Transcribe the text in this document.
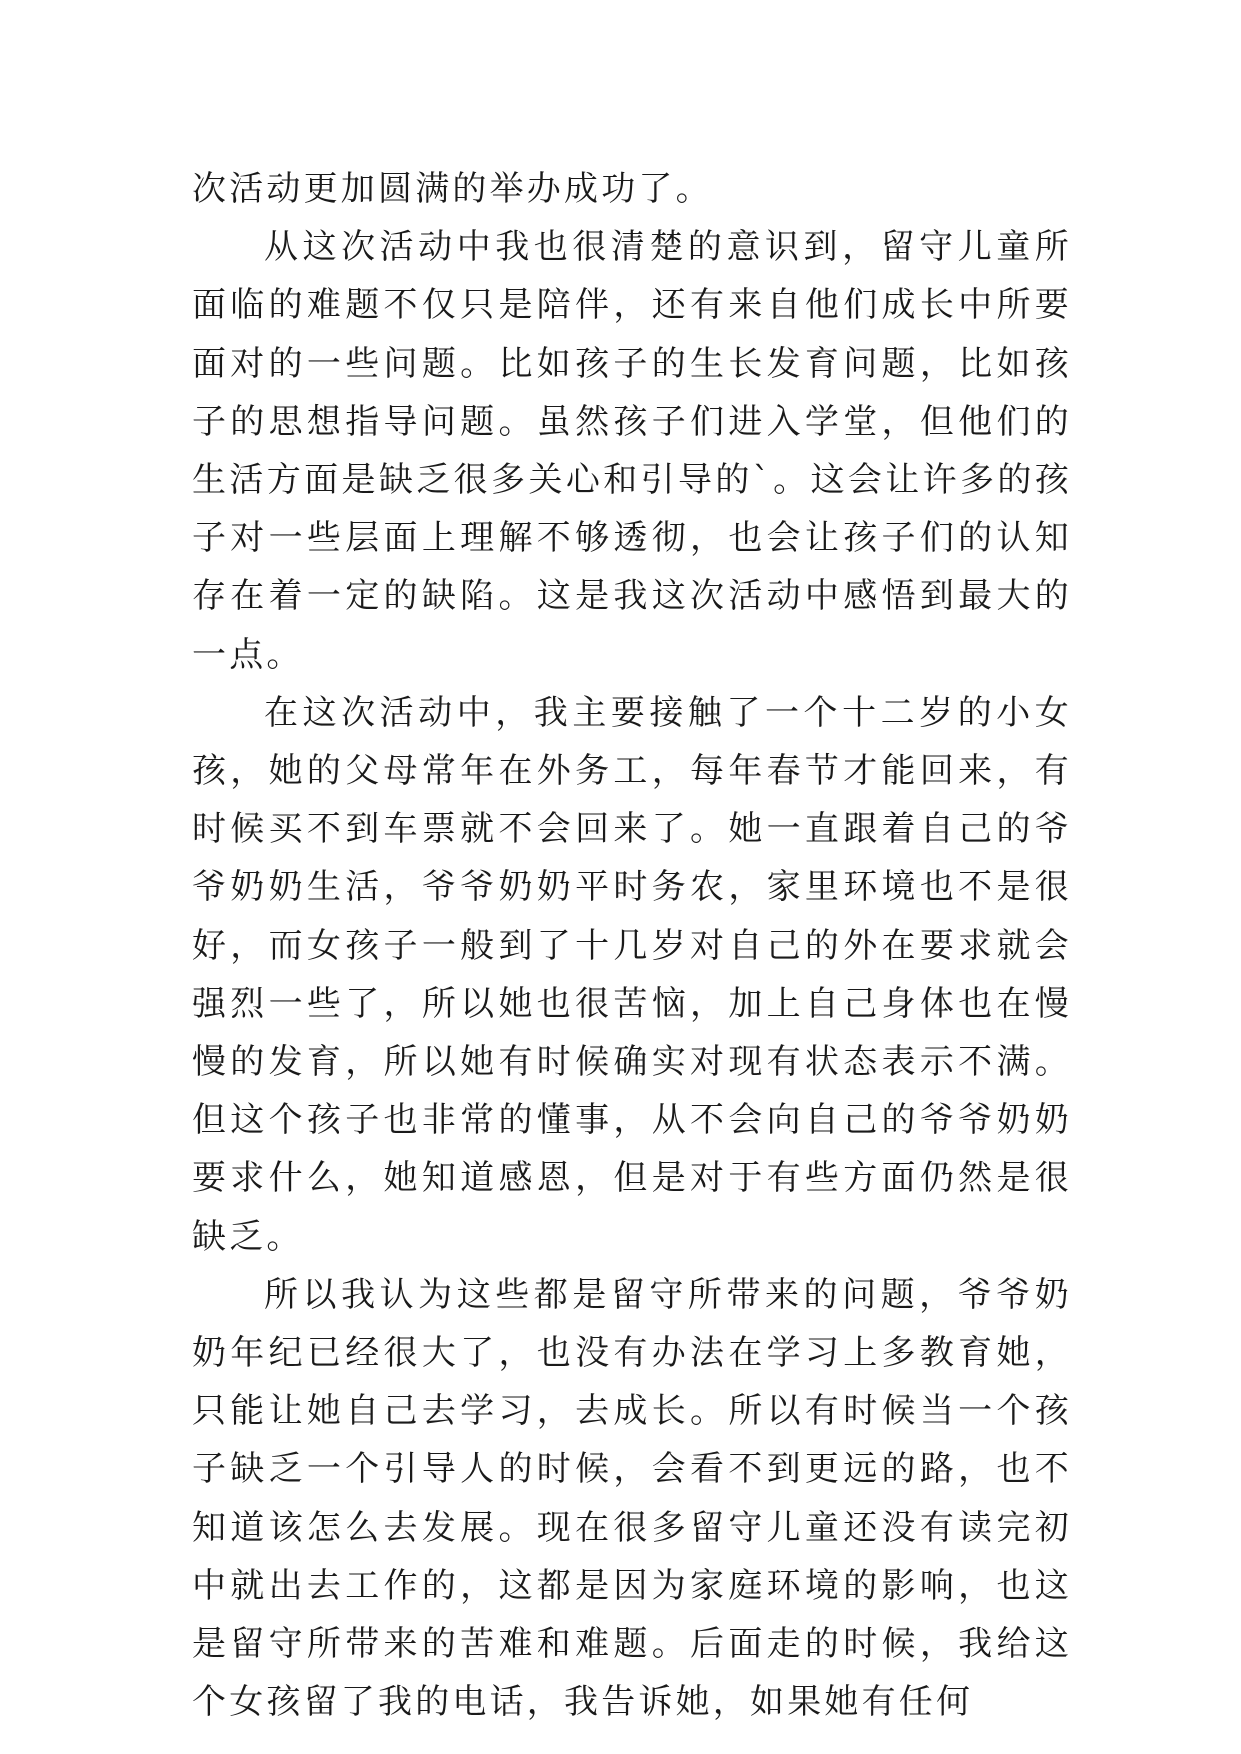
次活动更加圆满的举办成功了。

从这次活动中我也很清楚的意识到，留守儿童所面临的难题不仅只是陪伴，还有来自他们成长中所要面对的一些问题。比如孩子的生长发育问题，比如孩子的思想指导问题。虽然孩子们进入学堂，但他们的生活方面是缺乏很多关心和引导的`。这会让许多的孩子对一些层面上理解不够透彻，也会让孩子们的认知存在着一定的缺陷。这是我这次活动中感悟到最大的一点。

在这次活动中，我主要接触了一个十二岁的小女孩，她的父母常年在外务工，每年春节才能回来，有时候买不到车票就不会回来了。她一直跟着自己的爷爷奶奶生活，爷爷奶奶平时务农，家里环境也不是很好，而女孩子一般到了十几岁对自己的外在要求就会强烈一些了，所以她也很苦恼，加上自己身体也在慢慢的发育，所以她有时候确实对现有状态表示不满。但这个孩子也非常的懂事，从不会向自己的爷爷奶奶要求什么，她知道感恩，但是对于有些方面仍然是很缺乏。

所以我认为这些都是留守所带来的问题，爷爷奶奶年纪已经很大了，也没有办法在学习上多教育她，只能让她自己去学习，去成长。所以有时候当一个孩子缺乏一个引导人的时候，会看不到更远的路，也不知道该怎么去发展。现在很多留守儿童还没有读完初中就出去工作的，这都是因为家庭环境的影响，也这是留守所带来的苦难和难题。后面走的时候，我给这个女孩留了我的电话，我告诉她，如果她有任何
